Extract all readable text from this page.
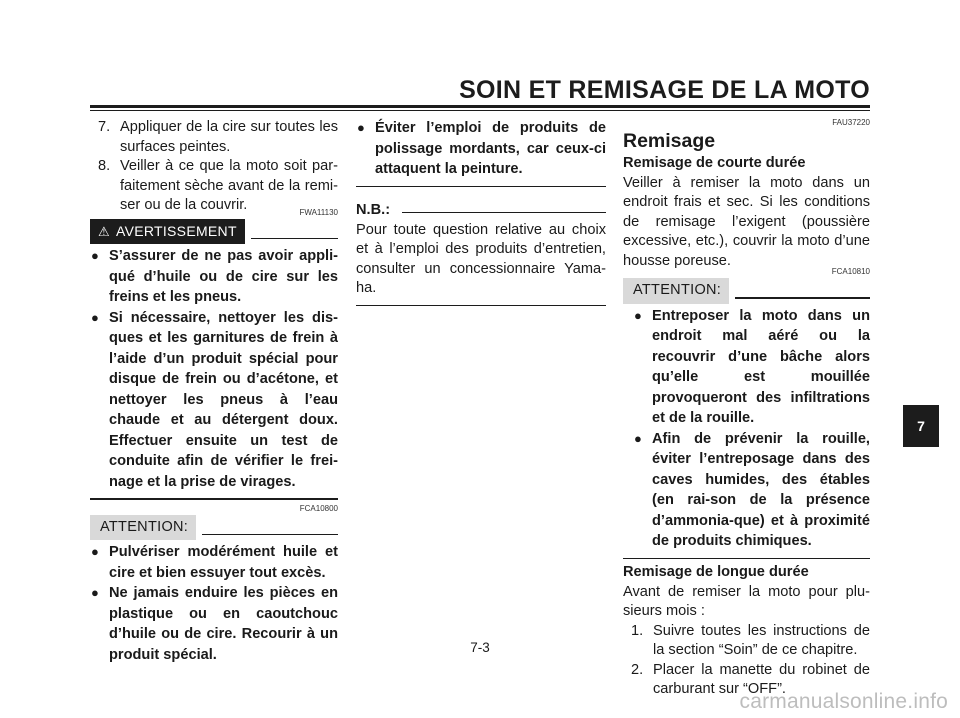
SOIN ET REMISAGE DE LA MOTO
7. Appliquer de la cire sur toutes les surfaces peintes.
8. Veiller à ce que la moto soit par-faitement sèche avant de la remi-ser ou de la couvrir.	FWA11130
⚠ AVERTISSEMENT
● S’assurer de ne pas avoir appli-qué d’huile ou de cire sur les freins et les pneus.
● Si nécessaire, nettoyer les dis-ques et les garnitures de frein à l’aide d’un produit spécial pour disque de frein ou d’acétone, et nettoyer les pneus à l’eau chaude et au détergent doux. Effectuer ensuite un test de conduite afin de vérifier le frei-nage et la prise de virages.
FCA10800
ATTENTION:
● Pulvériser modérément huile et cire et bien essuyer tout excès.
● Ne jamais enduire les pièces en plastique ou en caoutchouc d’huile ou de cire. Recourir à un produit spécial.
● Éviter l’emploi de produits de polissage mordants, car ceux-ci attaquent la peinture.
N.B.:
Pour toute question relative au choix et à l’emploi des produits d’entretien, consulter un concessionnaire Yama-ha.
FAU37220
Remisage
Remisage de courte durée
Veiller à remiser la moto dans un endroit frais et sec. Si les conditions de remisage l’exigent (poussière excessive, etc.), couvrir la moto d’une housse poreuse.
FCA10810
ATTENTION:
● Entreposer la moto dans un endroit mal aéré ou la recouvrir d’une bâche alors qu’elle est mouillée provoqueront des infiltrations et de la rouille.
● Afin de prévenir la rouille, éviter l’entreposage dans des caves humides, des étables (en rai-son de la présence d’ammonia-que) et à proximité de produits chimiques.
Remisage de longue durée
Avant de remiser la moto pour plu-sieurs mois :
1. Suivre toutes les instructions de la section “Soin” de ce chapitre.
2. Placer la manette du robinet de carburant sur “OFF”.
7
7-3
carmanualsonline.info
